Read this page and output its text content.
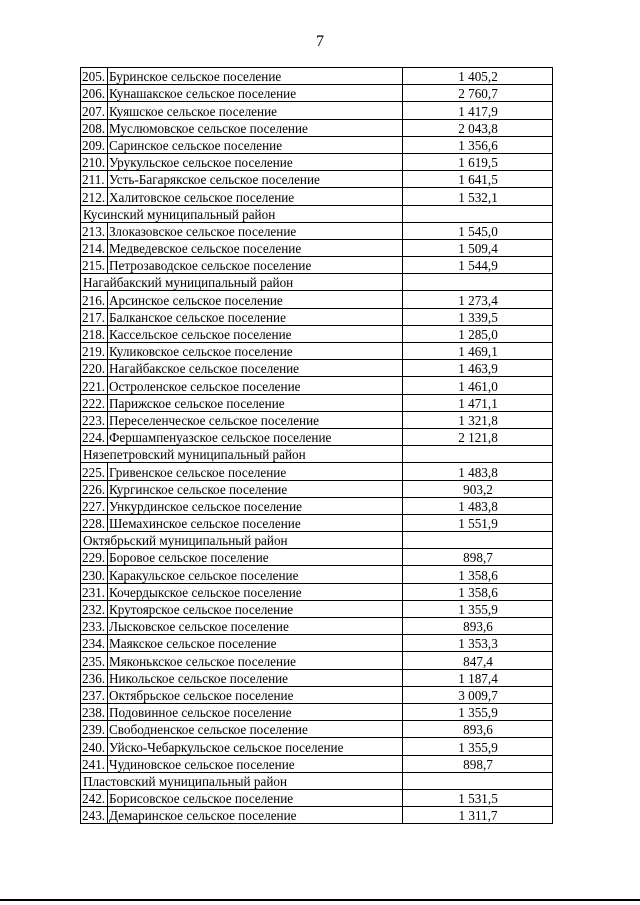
7
205.	Буринское сельское поселение	1 405,2
206.	Кунашакское сельское поселение	2 760,7
207.	Куяшское сельское поселение	1 417,9
208.	Муслюмовское сельское поселение	2 043,8
209.	Саринское сельское поселение	1 356,6
210.	Урукульское сельское поселение	1 619,5
211.	Усть-Багарякское сельское поселение	1 641,5
212.	Халитовское сельское поселение	1 532,1
Кусинский муниципальный район		
213.	Злоказовское сельское поселение	1 545,0
214.	Медведевское сельское поселение	1 509,4
215.	Петрозаводское сельское поселение	1 544,9
Нагайбакский муниципальный район		
216.	Арсинское сельское поселение	1 273,4
217.	Балканское сельское поселение	1 339,5
218.	Кассельское сельское поселение	1 285,0
219.	Куликовское сельское поселение	1 469,1
220.	Нагайбакское сельское поселение	1 463,9
221.	Остроленское сельское поселение	1 461,0
222.	Парижское сельское поселение	1 471,1
223.	Переселенческое сельское поселение	1 321,8
224.	Фершампенуазское сельское поселение	2 121,8
Нязепетровский муниципальный район		
225.	Гривенское сельское поселение	1 483,8
226.	Кургинское сельское поселение	903,2
227.	Ункурдинское сельское поселение	1 483,8
228.	Шемахинское сельское поселение	1 551,9
Октябрьский муниципальный район		
229.	Боровое сельское поселение	898,7
230.	Каракульское сельское поселение	1 358,6
231.	Кочердыкское сельское поселение	1 358,6
232.	Крутоярское сельское поселение	1 355,9
233.	Лысковское сельское поселение	893,6
234.	Маякское сельское поселение	1 353,3
235.	Мяконькское сельское поселение	847,4
236.	Никольское сельское поселение	1 187,4
237.	Октябрьское сельское поселение	3 009,7
238.	Подовинное сельское поселение	1 355,9
239.	Свободненское сельское поселение	893,6
240.	Уйско-Чебаркульское сельское поселение	1 355,9
241.	Чудиновское сельское поселение	898,7
Пластовский муниципальный район		
242.	Борисовское сельское поселение	1 531,5
243.	Демаринское сельское поселение	1 311,7
